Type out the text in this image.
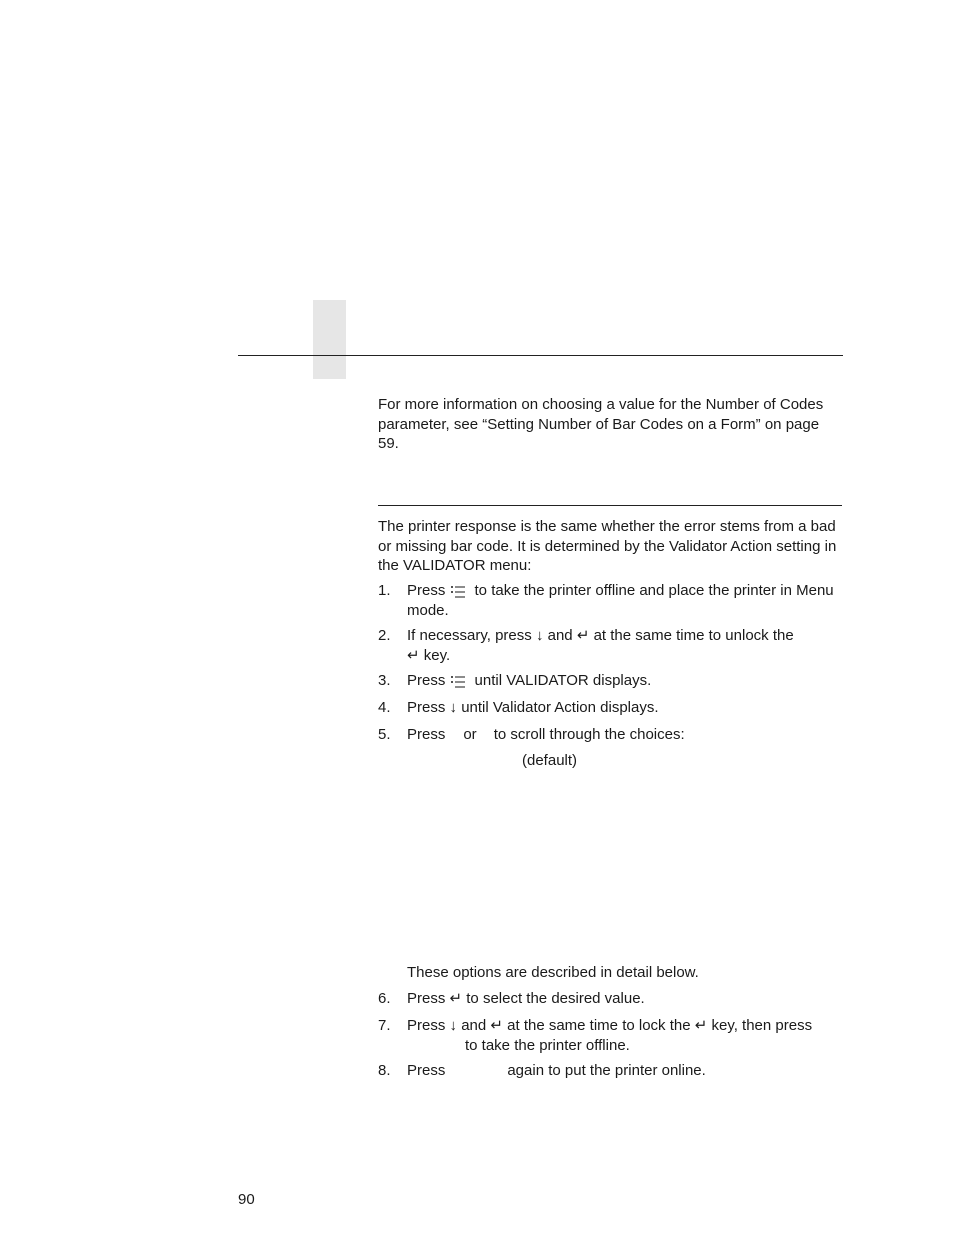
For more information on choosing a value for the Number of Codes parameter, see “Setting Number of Bar Codes on a Form” on page 59.

The printer response is the same whether the error stems from a bad or missing bar code. It is determined by the Validator Action setting in the VALIDATOR menu:

1. Press to take the printer offline and place the printer in Menu mode.
2. If necessary, press ↓ and ↵ at the same time to unlock the
↵ key.
3. Press until VALIDATOR displays.
4. Press ↓ until Validator Action displays.
5. Press or to scroll through the choices:
(default)
These options are described in detail below.
6. Press ↵ to select the desired value.
7. Press ↓ and ↵ at the same time to lock the ↵ key, then press
to take the printer offline.
8. Press	again to put the printer online.
90
